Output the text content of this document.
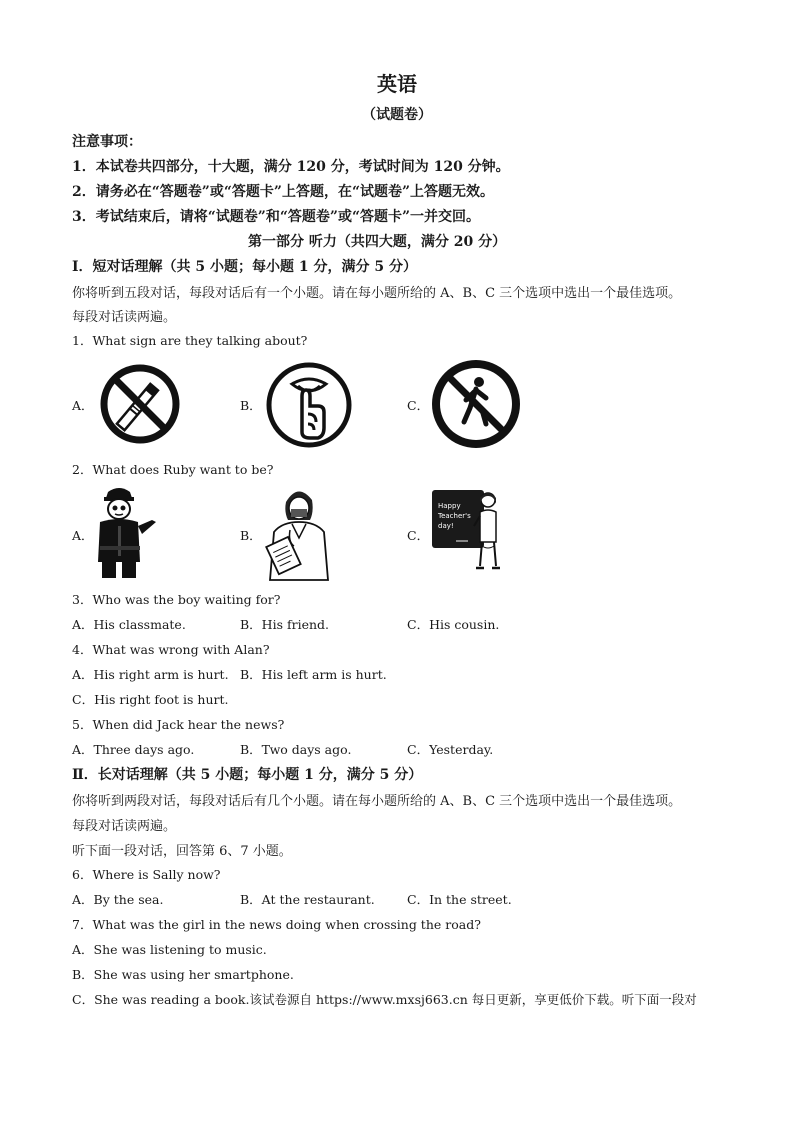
英语
（试题卷）
注意事项：
1．本试卷共四部分，十大题，满分 120 分，考试时间为 120 分钟。
2．请务必在“答题卷”或“答题卡”上答题，在“试题卷”上答题无效。
3．考试结束后，请将“试题卷”和“答题卷”或“答题卡”一并交回。
第一部分 听力（共四大题，满分 20 分）
Ⅰ．短对话理解（共 5 小题；每小题 1 分，满分 5 分）
你将听到五段对话，每段对话后有一个小题。请在每小题所给的 A、B、C 三个选项中选出一个最佳选项。
每段对话读两遍。
1．What sign are they talking about?
A．	B．	C．
2．What does Ruby want to be?
A．	B．	C．
Happy
Teacher's
day!
3．Who was the boy waiting for?
A．His classmate.	B．His friend.	C．His cousin.
4．What was wrong with Alan?
A．His right arm is hurt. B．His left arm is hurt.
C．His right foot is hurt.
5．When did Jack hear the news?
A．Three days ago.	B．Two days ago.	C．Yesterday.
Ⅱ．长对话理解（共 5 小题；每小题 1 分，满分 5 分）
你将听到两段对话，每段对话后有几个小题。请在每小题所给的 A、B、C 三个选项中选出一个最佳选项。
每段对话读两遍。
听下面一段对话，回答第 6、7 小题。
6．Where is Sally now?
A．By the sea.	B．At the restaurant.	C．In the street.
7．What was the girl in the news doing when crossing the road?
A．She was listening to music.
B．She was using her smartphone.
C．She was reading a book.该试卷源自 https://www.mxsj663.cn 每日更新，享更低价下载。听下面一段对
